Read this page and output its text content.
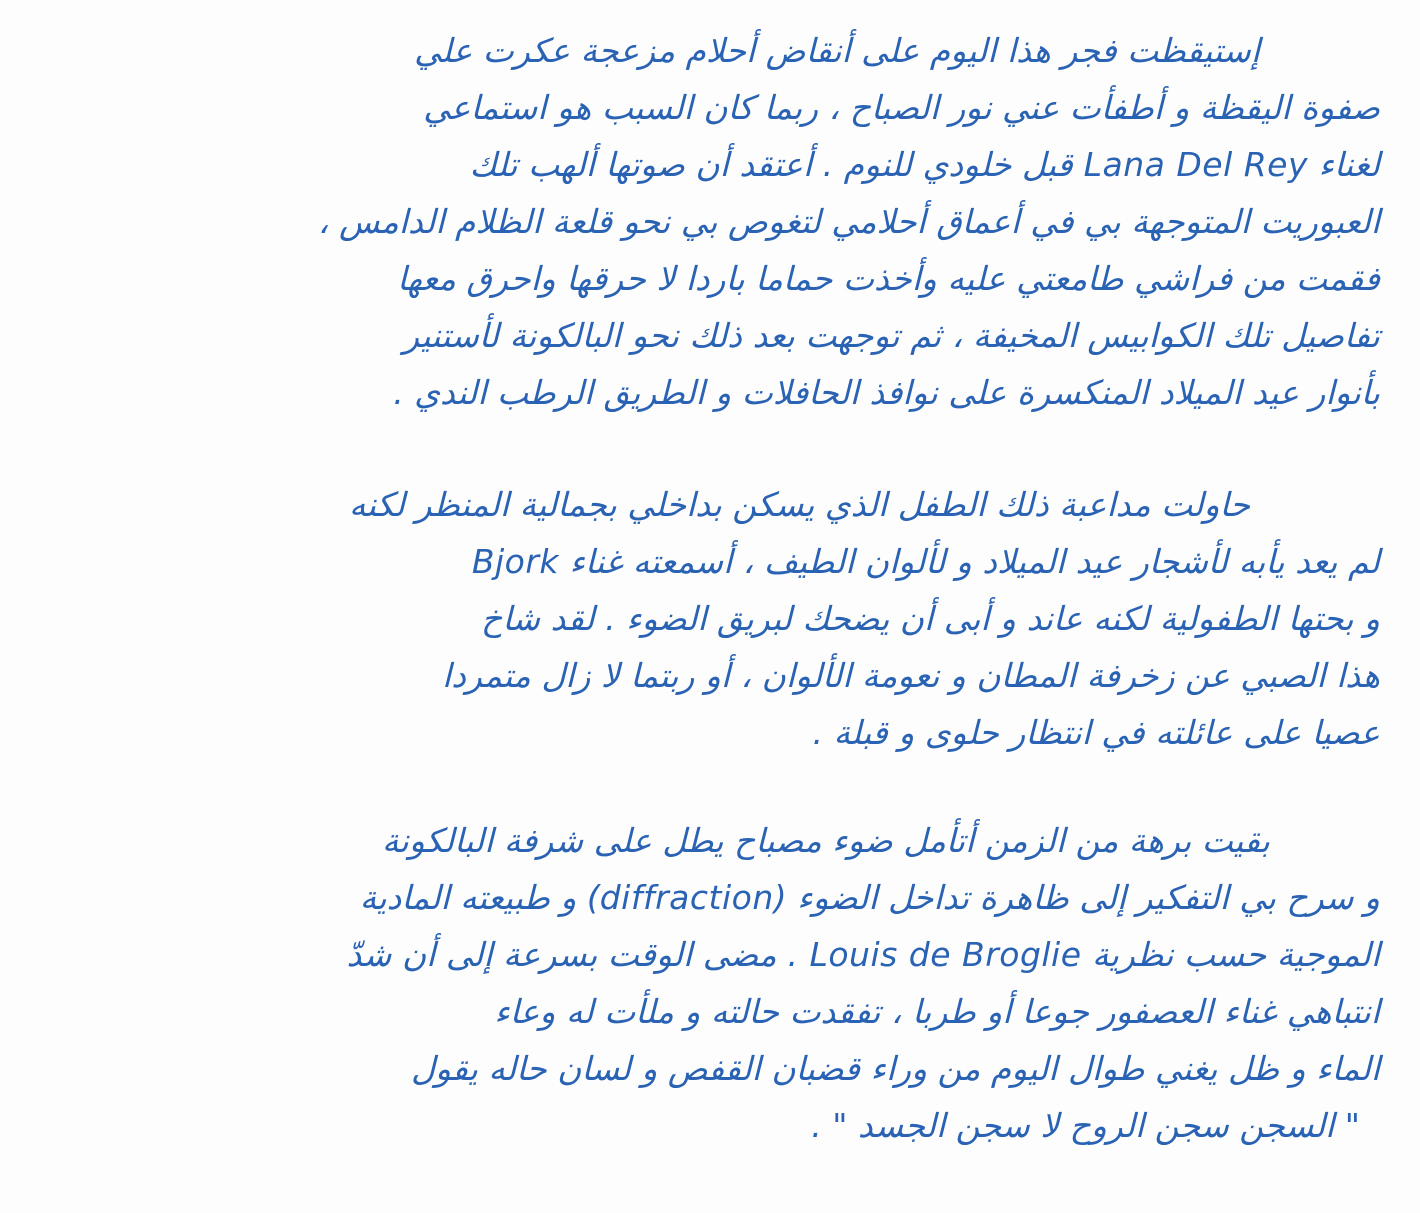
إستيقظت فجر هذا اليوم على أنقاض أحلام مزعجة عكرت علي
صفوة اليقظة و أطفأت عني نور الصباح ، ربما كان السبب هو استماعي
لغناء Lana Del Rey قبل خلودي للنوم . أعتقد أن صوتها ألهب تلك
العبوريت المتوجهة بي في أعماق أحلامي لتغوص بي نحو قلعة الظلام الدامس ،
فقمت من فراشي طامعتي عليه وأخذت حماما باردا لا حرقها واحرق معها
تفاصيل تلك الكوابيس المخيفة ، ثم توجهت بعد ذلك نحو البالكونة لأستنير
بأنوار عيد الميلاد المنكسرة على نوافذ الحافلات و الطريق الرطب الندي .
حاولت مداعبة ذلك الطفل الذي يسكن بداخلي بجمالية المنظر لكنه
لم يعد يأبه لأشجار عيد الميلاد و لألوان الطيف ، أسمعته غناء Bjork
و بحتها الطفولية لكنه عاند و أبى أن يضحك لبريق الضوء . لقد شاخ
هذا الصبي عن زخرفة المطان و نعومة الألوان ، أو ربتما لا زال متمردا
عصيا على عائلته في انتظار حلوى و قبلة .
بقيت برهة من الزمن أتأمل ضوء مصباح يطل على شرفة البالكونة
و سرح بي التفكير إلى ظاهرة تداخل الضوء (diffraction) و طبيعته المادية
الموجية حسب نظرية Louis de Broglie . مضى الوقت بسرعة إلى أن شدّ
انتباهي غناء العصفور جوعا أو طربا ، تفقدت حالته و ملأت له وعاء
الماء و ظل يغني طوال اليوم من وراء قضبان القفص و لسان حاله يقول
" السجن سجن الروح لا سجن الجسد " .
